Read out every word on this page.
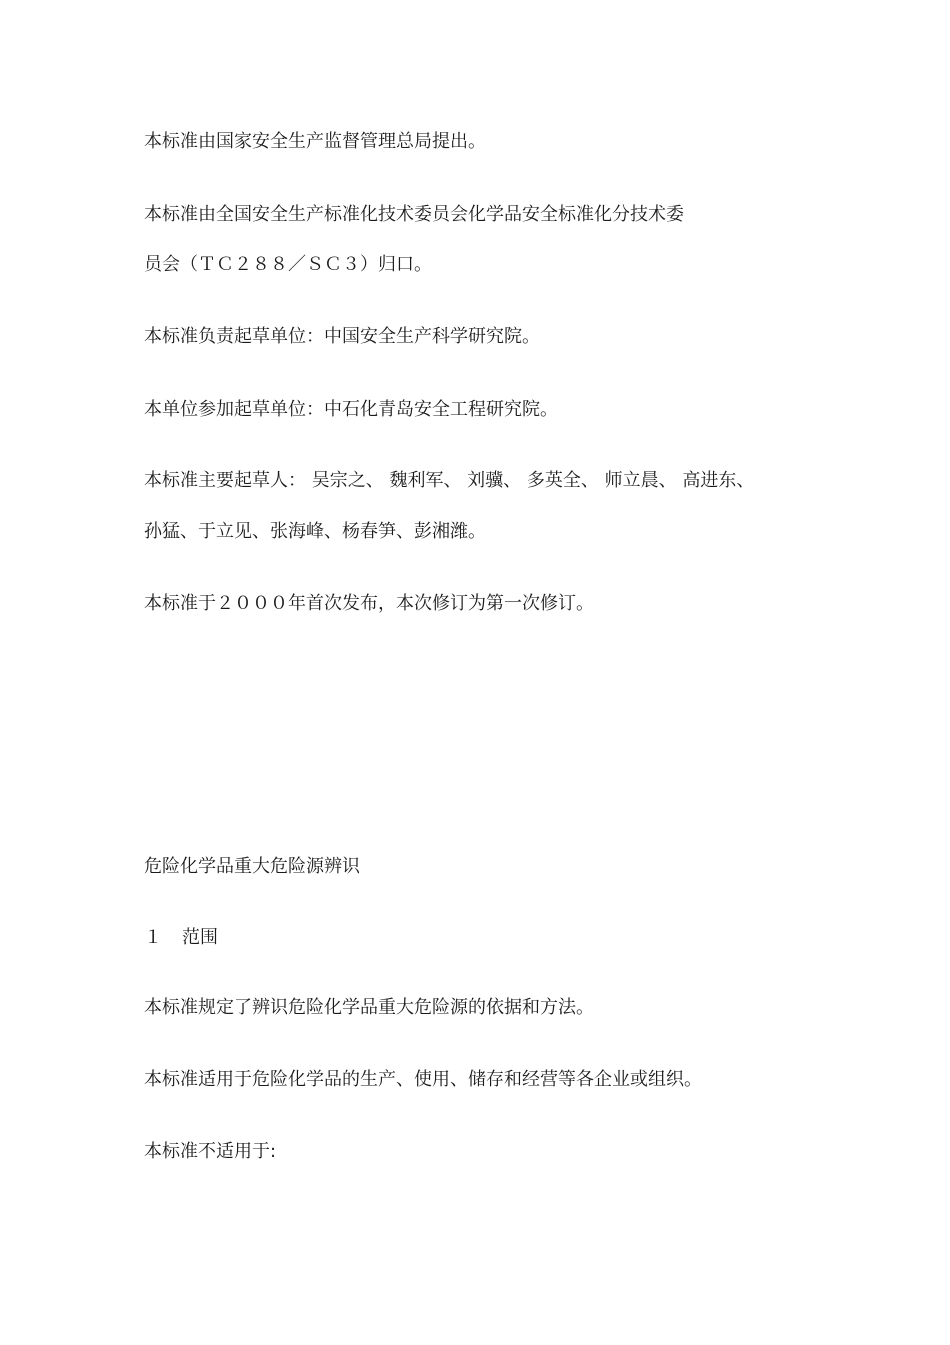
本标准由国家安全生产监督管理总局提出。

本标准由全国安全生产标准化技术委员会化学品安全标准化分技术委

员会（ＴＣ２８８／ＳＣ３）归口。

本标准负责起草单位：中国安全生产科学研究院。

本单位参加起草单位：中石化青岛安全工程研究院。

本标准主要起草人： 吴宗之、 魏利军、 刘骥、 多英全、 师立晨、 高进东、

孙猛、于立见、张海峰、杨春笋、彭湘潍。

本标准于２０００年首次发布，本次修订为第一次修订。

危险化学品重大危险源辨识

１ 范围

本标准规定了辨识危险化学品重大危险源的依据和方法。

本标准适用于危险化学品的生产、使用、储存和经营等各企业或组织。

本标准不适用于:
